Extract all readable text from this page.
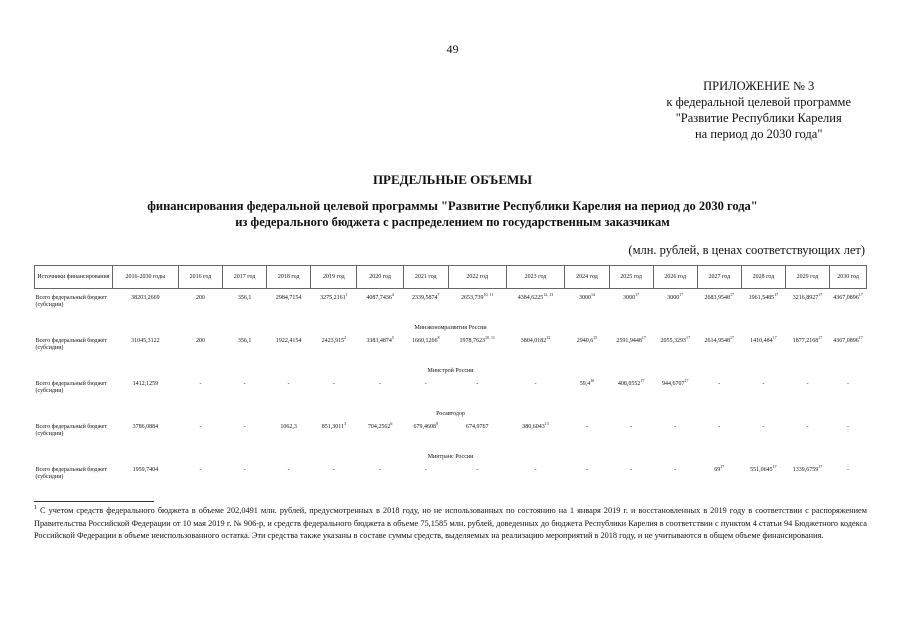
49
ПРИЛОЖЕНИЕ № 3
к федеральной целевой программе
"Развитие Республики Карелия
на период до 2030 года"
ПРЕДЕЛЬНЫЕ ОБЪЕМЫ
финансирования федеральной целевой программы "Развитие Республики Карелия на период до 2030 года"
из федерального бюджета с распределением по государственным заказчикам
(млн. рублей, в ценах соответствующих лет)
Источники финансирования	2016-2030 годы	2016 год	2017 год	2018 год	2019 год	2020 год	2021 год	2022 год	2023 год	2024 год	2025 год	2026 год	2027 год	2028 год	2029 год	2030 год
Всего федеральный бюджет (субсидии)	38203,2669	200	356,1	2984,7154	3275,2161$^1$	4087,7436$^4$	2339,5874$^7$	2653,739$^{10, 11}$	4384,6225$^{12, 13}$	3000$^{14}$	3000$^{17}$	3000$^{17}$	2683,9548$^{17}$	1961,5485$^{17}$	3216,8927$^{17}$	4367,0896$^{17}$
Минэкономразвития России																
Всего федеральный бюджет (субсидии)	31045,3122	200	356,1	1922,4154	2423,915$^2$	3383,4874$^5$	1660,1266$^8$	1978,7623$^{10, 11}$	3804,0182$^{12}$	2940,6$^{15}$	2591,9448$^{17}$	2055,3293$^{17}$	2614,9548$^{17}$	1410,484$^{17}$	1877,2168$^{17}$	4367,0896$^{17}$
Минстрой России																
Всего федеральный бюджет (субсидии)	1412,1259	-	-	-	-	-	-	-	-	59,4$^{16}$	408,0552$^{17}$	944,6707$^{17}$	-	-	-	-
Росавтодор																
Всего федеральный бюджет (субсидии)	3786,0884	-	-	1062,3	851,3011$^3$	704,2562$^6$	679,4608$^9$	674,9767	380,6043$^{13}$	-	-	-	-	-	-	-
Минтранс России																
Всего федеральный бюджет (субсидии)	1959,7404	-	-	-	-	-	-	-	-	-	-	-	$69^{17}$	551,0645$^{17}$	1339,6759$^{17}$	-
$^1$ С учетом средств федерального бюджета в объеме 202,0491 млн. рублей, предусмотренных в 2018 году, но не использованных по состоянию на 1 января 2019 г. и восстановленных в 2019 году в соответствии с распоряжением Правительства Российской Федерации от 10 мая 2019 г. № 906-р, и средств федерального бюджета в объеме 75,1585 млн. рублей, доведенных до бюджета Республики Карелия в соответствии с пунктом 4 статьи 94 Бюджетного кодекса Российской Федерации в объеме неиспользованного остатка. Эти средства также указаны в составе суммы средств, выделяемых на реализацию мероприятий в 2018 году, и не учитываются в общем объеме финансирования.
